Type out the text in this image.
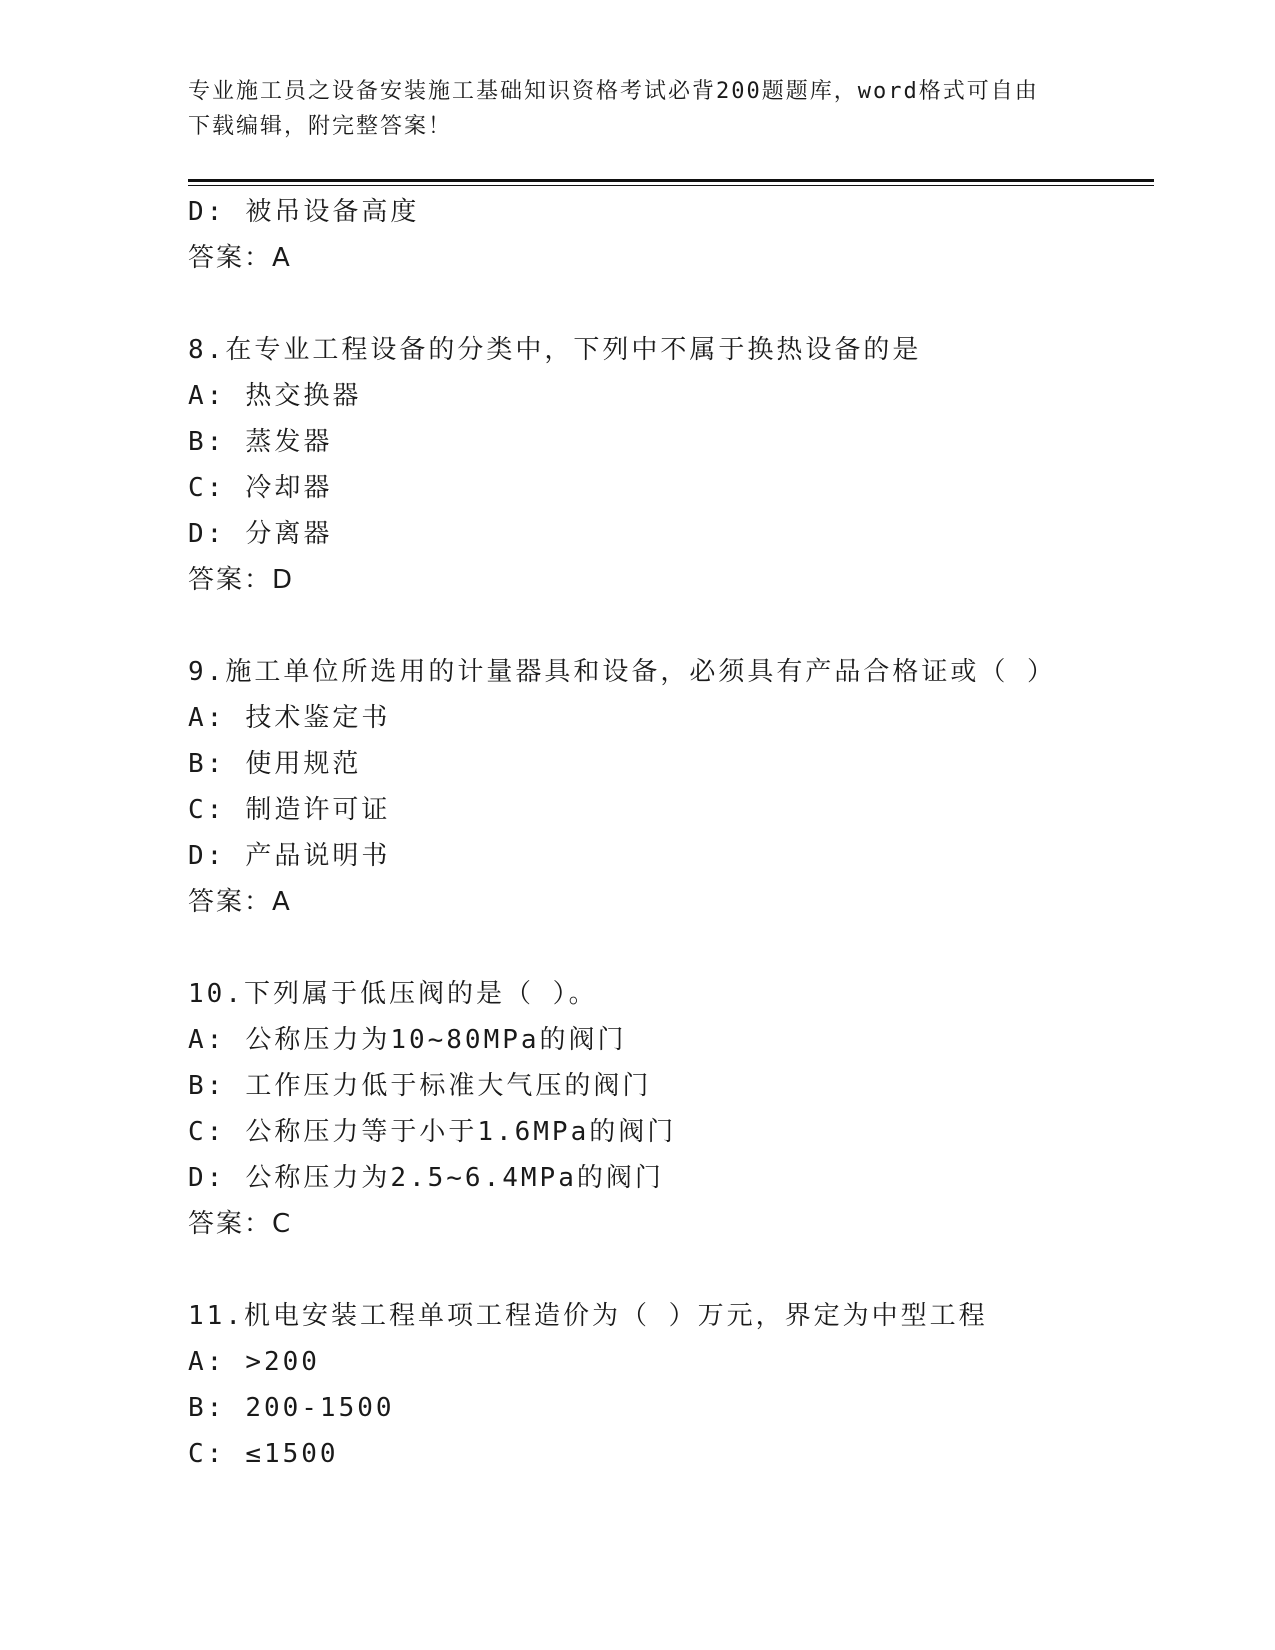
专业施工员之设备安装施工基础知识资格考试必背200题题库，word格式可自由
下载编辑，附完整答案！
D : 被吊设备高度
答案：A
8 . 在专业工程设备的分类中，下列中不属于换热设备的是
A : 热交换器
B : 蒸发器
C : 冷却器
D : 分离器
答案：D
9 . 施工单位所选用的计量器具和设备，必须具有产品合格证或（ ）
A : 技术鉴定书
B : 使用规范
C : 制造许可证
D : 产品说明书
答案：A
10 . 下列属于低压阀的是（ ）。
A : 公称压力为10~80MPa的阀门
B : 工作压力低于标准大气压的阀门
C : 公称压力等于小于1.6MPa的阀门
D : 公称压力为2.5~6.4MPa的阀门
答案：C
11 . 机电安装工程单项工程造价为（ ）万元，界定为中型工程
A : >200
B : 200-1500
C : ≤1500
